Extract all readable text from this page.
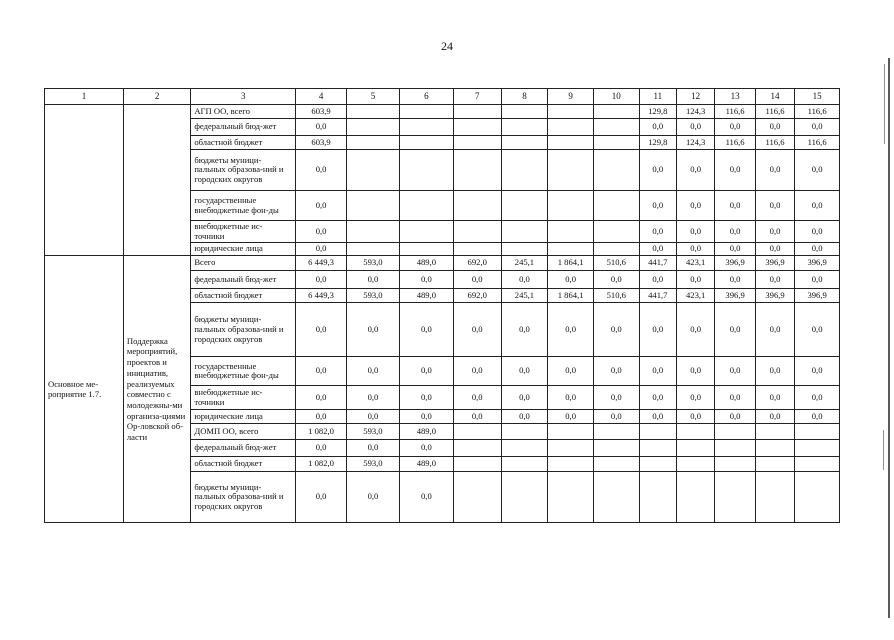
24
1	2	3	4	5	6	7	8	9	10	11	12	13	14	15
		АГП ОО, всего	603,9							129,8	124,3	116,6	116,6	116,6
		федеральный бюд-жет	0,0							0,0	0,0	0,0	0,0	0,0
		областной бюджет	603,9							129,8	124,3	116,6	116,6	116,6
		бюджеты муници-пальных образова-ний и городских округов	0,0							0,0	0,0	0,0	0,0	0,0
		государственные внебюджетные фон-ды	0,0							0,0	0,0	0,0	0,0	0,0
		внебюджетные ис-точники	0,0							0,0	0,0	0,0	0,0	0,0
		юридические лица	0,0							0,0	0,0	0,0	0,0	0,0
Основное ме-роприятие 1.7.	Поддержка мероприятий, проектов и инициатив, реализуемых совместно с молодежны-ми организа-циями Ор-ловской об-ласти	Всего	6 449,3	593,0	489,0	692,0	245,1	1 864,1	510,6	441,7	423,1	396,9	396,9	396,9
		федеральный бюд-жет	0,0	0,0	0,0	0,0	0,0	0,0	0,0	0,0	0,0	0,0	0,0	0,0
		областной бюджет	6 449,3	593,0	489,0	692,0	245,1	1 864,1	510,6	441,7	423,1	396,9	396,9	396,9
		бюджеты муници-пальных образова-ний и городских округов	0,0	0,0	0,0	0,0	0,0	0,0	0,0	0,0	0,0	0,0	0,0	0,0
		государственные внебюджетные фон-ды	0,0	0,0	0,0	0,0	0,0	0,0	0,0	0,0	0,0	0,0	0,0	0,0
		внебюджетные ис-точники	0,0	0,0	0,0	0,0	0,0	0,0	0,0	0,0	0,0	0,0	0,0	0,0
		юридические лица	0,0	0,0	0,0	0,0	0,0	0,0	0,0	0,0	0,0	0,0	0,0	0,0
		ДОМП ОО, всего	1 082,0	593,0	489,0									
		федеральный бюд-жет	0,0	0,0	0,0									
		областной бюджет	1 082,0	593,0	489,0									
		бюджеты муници-пальных образова-ний и городских округов	0,0	0,0	0,0									
